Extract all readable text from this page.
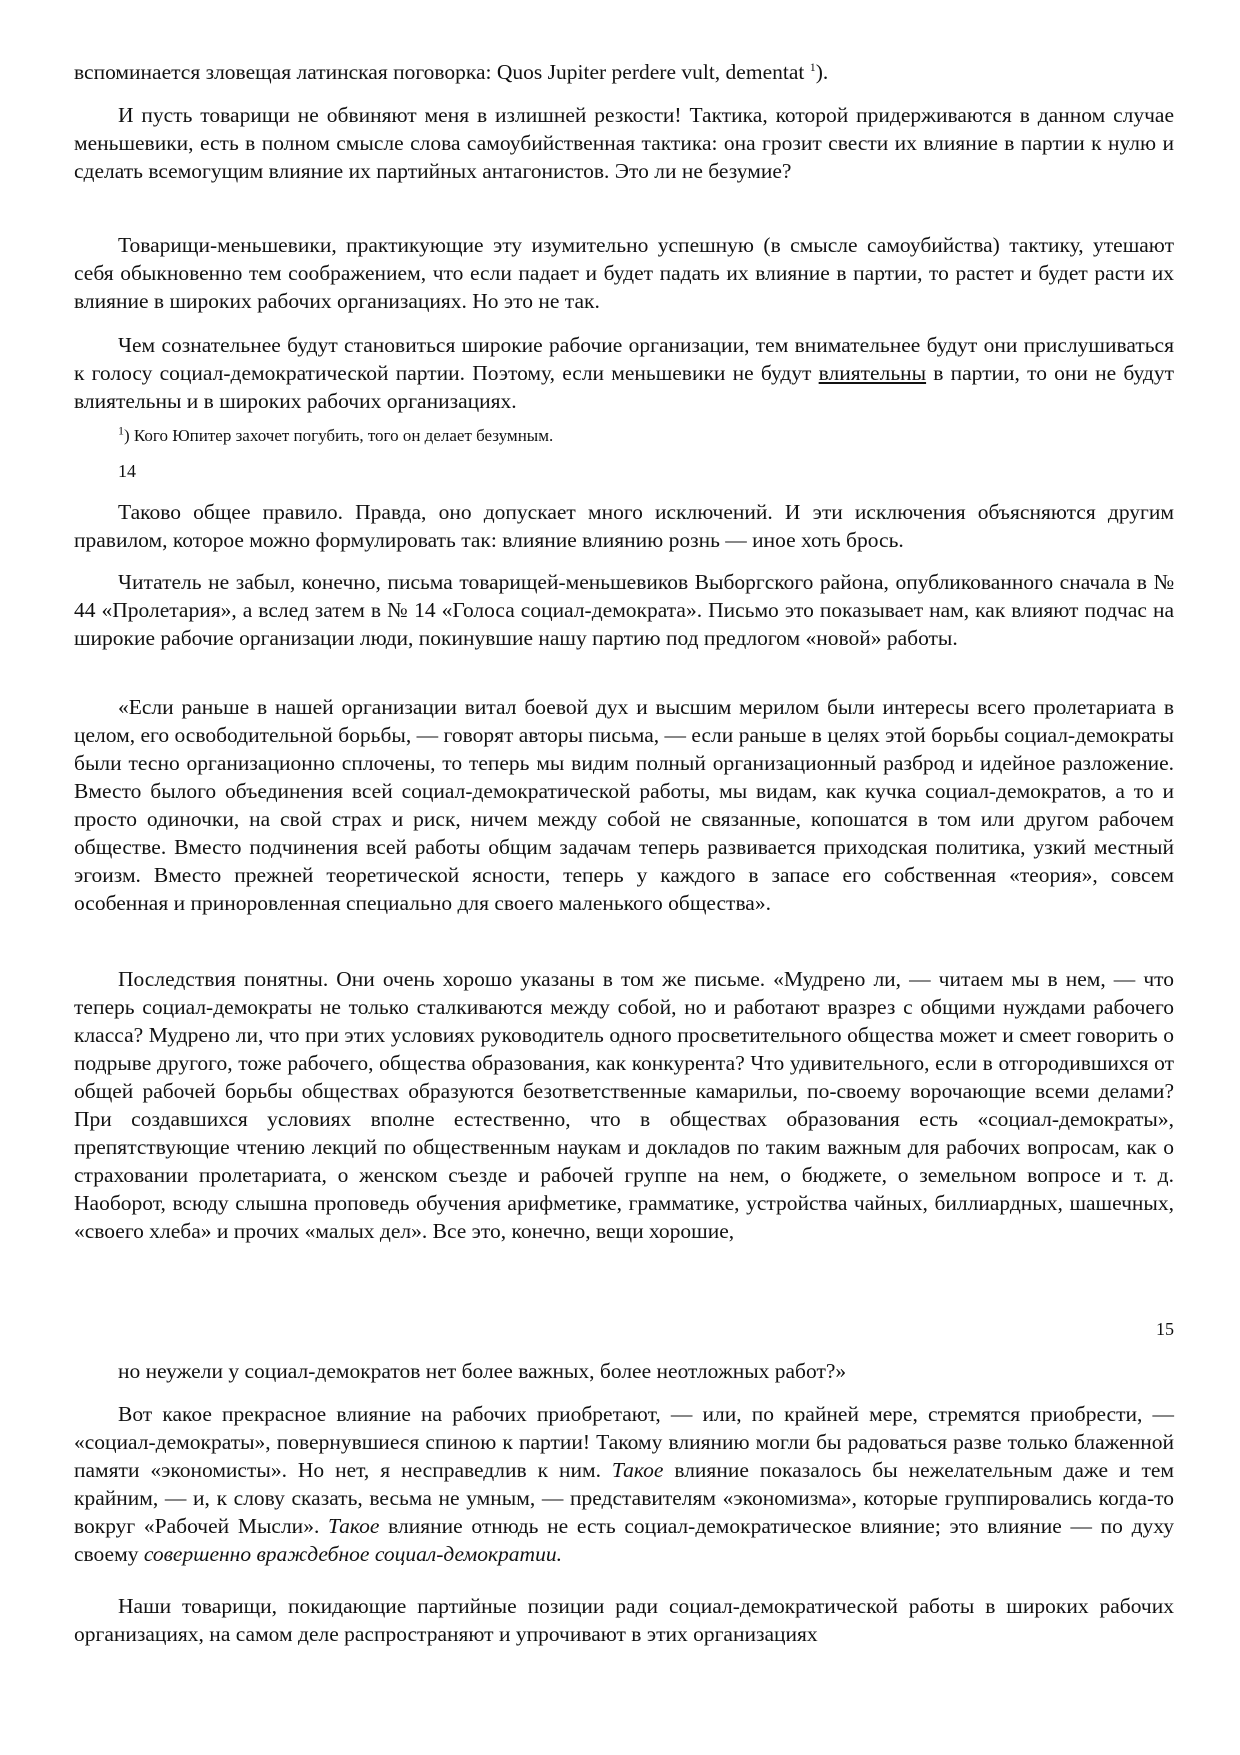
вспоминается зловещая латинская поговорка: Quos Jupiter perdere vult, dementat $^1$).

И пусть товарищи не обвиняют меня в излишней резкости! Тактика, которой придерживаются в данном случае меньшевики, есть в полном смысле слова самоубийственная тактика: она грозит свести их влияние в партии к нулю и сделать всемогущим влияние их партийных антагонистов. Это ли не безумие?

Товарищи-меньшевики, практикующие эту изумительно успешную (в смысле самоубийства) тактику, утешают себя обыкновенно тем соображением, что если падает и будет падать их влияние в партии, то растет и будет расти их влияние в широких рабочих организациях. Но это не так.

Чем сознательнее будут становиться широкие рабочие организации, тем внимательнее будут они прислушиваться к голосу социал-демократической партии. Поэтому, если меньшевики не будут влиятельны в партии, то они не будут влиятельны и в широких рабочих организациях.

$^1$) Кого Юпитер захочет погубить, того он делает безумным.

14

Таково общее правило. Правда, оно допускает много исключений. И эти исключения объясняются другим правилом, которое можно формулировать так: влияние влиянию рознь — иное хоть брось.

Читатель не забыл, конечно, письма товарищей-меньшевиков Выборгского района, опубликованного сначала в № 44 «Пролетария», а вслед затем в № 14 «Голоса социал-демократа». Письмо это показывает нам, как влияют подчас на широкие рабочие организации люди, покинувшие нашу партию под предлогом «новой» работы.

«Если раньше в нашей организации витал боевой дух и высшим мерилом были интересы всего пролетариата в целом, его освободительной борьбы, — говорят авторы письма, — если раньше в целях этой борьбы социал-демократы были тесно организационно сплочены, то теперь мы видим полный организационный разброд и идейное разложение. Вместо былого объединения всей социал-демократической работы, мы видам, как кучка социал-демократов, а то и просто одиночки, на свой страх и риск, ничем между собой не связанные, копошатся в том или другом рабочем обществе. Вместо подчинения всей работы общим задачам теперь развивается приходская политика, узкий местный эгоизм. Вместо прежней теоретической ясности, теперь у каждого в запасе его собственная «теория», совсем особенная и приноровленная специально для своего маленького общества».

Последствия понятны. Они очень хорошо указаны в том же письме. «Мудрено ли, — читаем мы в нем, — что теперь социал-демократы не только сталкиваются между собой, но и работают вразрез с общими нуждами рабочего класса? Мудрено ли, что при этих условиях руководитель одного просветительного общества может и смеет говорить о подрыве другого, тоже рабочего, общества образования, как конкурента? Что удивительного, если в отгородившихся от общей рабочей борьбы обществах образуются безответственные камарильи, по-своему ворочающие всеми делами? При создавшихся условиях вполне естественно, что в обществах образования есть «социал-демократы», препятствующие чтению лекций по общественным наукам и докладов по таким важным для рабочих вопросам, как о страховании пролетариата, о женском съезде и рабочей группе на нем, о бюджете, о земельном вопросе и т. д. Наоборот, всюду слышна проповедь обучения арифметике, грамматике, устройства чайных, биллиардных, шашечных, «своего хлеба» и прочих «малых дел». Все это, конечно, вещи хорошие,

15

но неужели у социал-демократов нет более важных, более неотложных работ?»

Вот какое прекрасное влияние на рабочих приобретают, — или, по крайней мере, стремятся приобрести, — «социал-демократы», повернувшиеся спиною к партии! Такому влиянию могли бы радоваться разве только блаженной памяти «экономисты». Но нет, я несправедлив к ним. Такое влияние показалось бы нежелательным даже и тем крайним, — и, к слову сказать, весьма не умным, — представителям «экономизма», которые группировались когда-то вокруг «Рабочей Мысли». Такое влияние отнюдь не есть социал-демократическое влияние; это влияние — по духу своему совершенно враждебное социал-демократии.

Наши товарищи, покидающие партийные позиции ради социал-демократической работы в широких рабочих организациях, на самом деле распространяют и упрочивают в этих организациях
